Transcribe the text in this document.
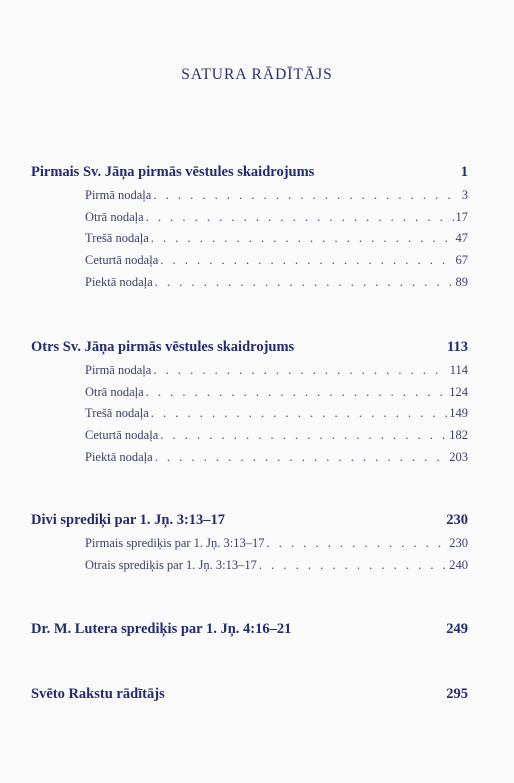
SATURA RĀDĪTĀJS
Pirmais Sv. Jāņa pirmās vēstules skaidrojums	1
Pirmā nodaļa . . .	3
Otrā nodaļa . . .	17
Trešā nodaļa . . .	47
Ceturtā nodaļa . . .	67
Piektā nodaļa . . .	89
Otrs Sv. Jāņa pirmās vēstules skaidrojums	113
Pirmā nodaļa . . .	114
Otrā nodaļa . . .	124
Trešā nodaļa . . .	149
Ceturtā nodaļa . . .	182
Piektā nodaļa . . .	203
Divi sprediķi par 1. Jņ. 3:13–17	230
Pirmais sprediķis par 1. Jņ. 3:13–17 . . .	230
Otrais sprediķis par 1. Jņ. 3:13–17 . . .	240
Dr. M. Lutera sprediķis par 1. Jņ. 4:16–21	249
Svēto Rakstu rādītājs	295
